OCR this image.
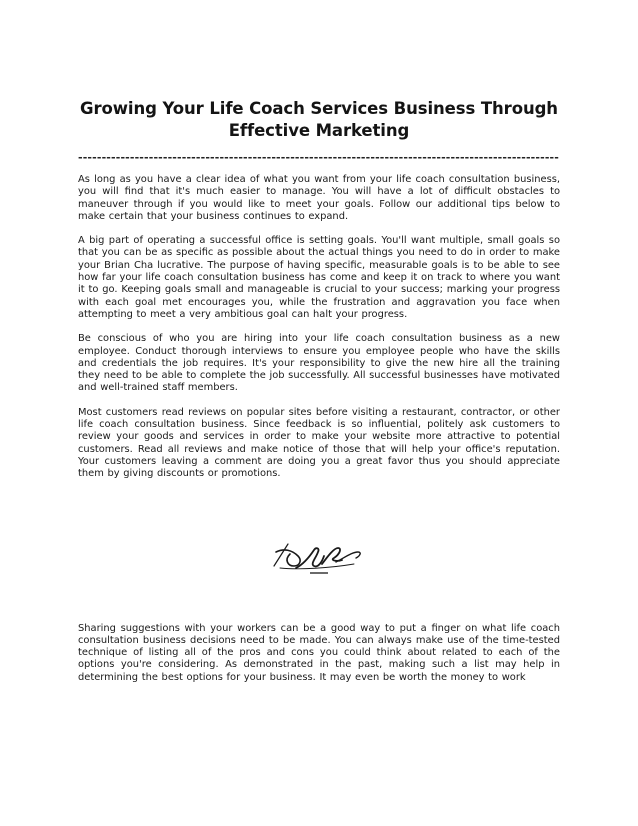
Growing Your Life Coach Services Business Through
Effective Marketing
------------------------------------------------------------------------------------------------------

As long as you have a clear idea of what you want from your life coach consultation business, you will find that it's much easier to manage. You will have a lot of difficult obstacles to maneuver through if you would like to meet your goals. Follow our additional tips below to make certain that your business continues to expand.

A big part of operating a successful office is setting goals. You'll want multiple, small goals so that you can be as specific as possible about the actual things you need to do in order to make your Brian Cha lucrative. The purpose of having specific, measurable goals is to be able to see how far your life coach consultation business has come and keep it on track to where you want it to go. Keeping goals small and manageable is crucial to your success; marking your progress with each goal met encourages you, while the frustration and aggravation you face when attempting to meet a very ambitious goal can halt your progress.

Be conscious of who you are hiring into your life coach consultation business as a new employee. Conduct thorough interviews to ensure you employee people who have the skills and credentials the job requires. It's your responsibility to give the new hire all the training they need to be able to complete the job successfully. All successful businesses have motivated and well-trained staff members.

Most customers read reviews on popular sites before visiting a restaurant, contractor, or other life coach consultation business. Since feedback is so influential, politely ask customers to review your goods and services in order to make your website more attractive to potential customers. Read all reviews and make notice of those that will help your office's reputation. Your customers leaving a comment are doing you a great favor thus you should appreciate them by giving discounts or promotions.

Sharing suggestions with your workers can be a good way to put a finger on what life coach consultation business decisions need to be made. You can always make use of the time-tested technique of listing all of the pros and cons you could think about related to each of the options you're considering. As demonstrated in the past, making such a list may help in determining the best options for your business. It may even be worth the money to work
